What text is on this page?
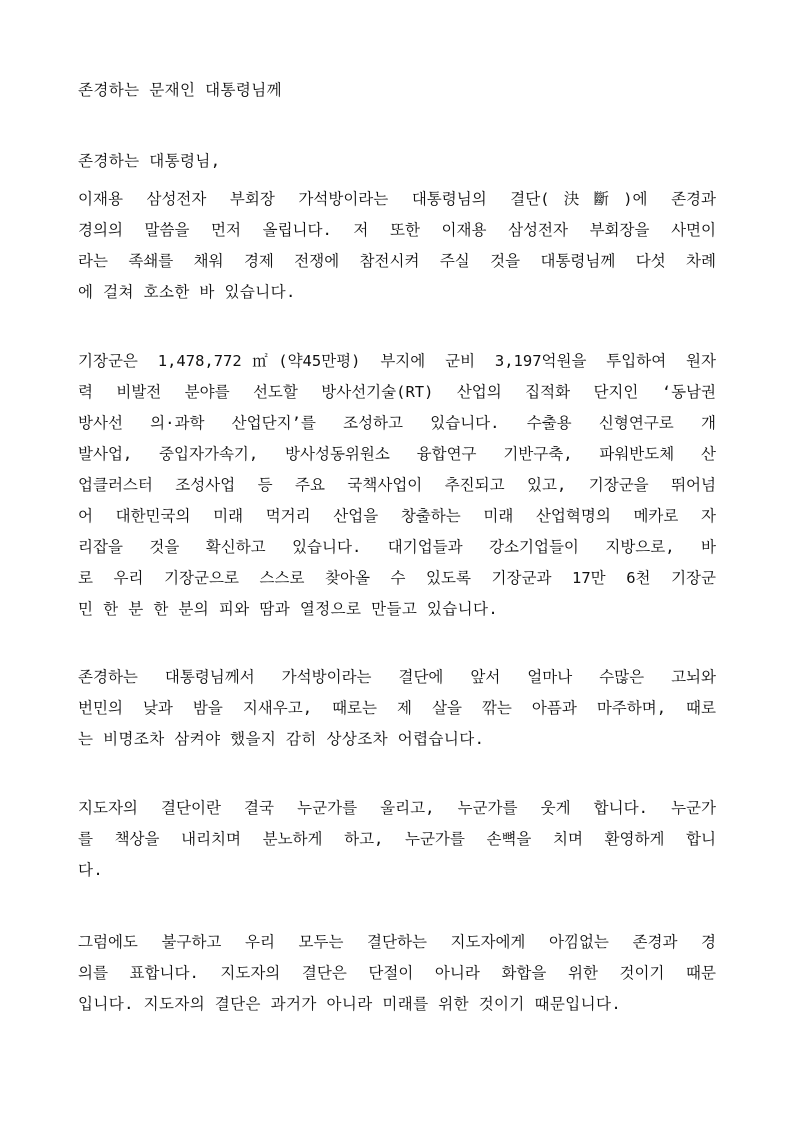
존경하는 문재인 대통령님께

존경하는 대통령님,

이재용 삼성전자 부회장 가석방이라는 대통령님의 결단(決斷)에 존경과

경의의 말씀을 먼저 올립니다. 저 또한 이재용 삼성전자 부회장을 사면이

라는 족쇄를 채워 경제 전쟁에 참전시켜 주실 것을 대통령님께 다섯 차례

에 걸쳐 호소한 바 있습니다.

기장군은 1,478,772㎡(약45만평) 부지에 군비 3,197억원을 투입하여 원자

력 비발전 분야를 선도할 방사선기술(RT) 산업의 집적화 단지인 ‘동남권

방사선 의·과학 산업단지’를 조성하고 있습니다. 수출용 신형연구로 개

발사업, 중입자가속기, 방사성동위원소 융합연구 기반구축, 파워반도체 산

업클러스터 조성사업 등 주요 국책사업이 추진되고 있고, 기장군을 뛰어넘

어 대한민국의 미래 먹거리 산업을 창출하는 미래 산업혁명의 메카로 자

리잡을 것을 확신하고 있습니다. 대기업들과 강소기업들이 지방으로, 바

로 우리 기장군으로 스스로 찾아올 수 있도록 기장군과 17만 6천 기장군

민 한 분 한 분의 피와 땀과 열정으로 만들고 있습니다.

존경하는 대통령님께서 가석방이라는 결단에 앞서 얼마나 수많은 고뇌와

번민의 낮과 밤을 지새우고, 때로는 제 살을 깎는 아픔과 마주하며, 때로

는 비명조차 삼켜야 했을지 감히 상상조차 어렵습니다.

지도자의 결단이란 결국 누군가를 울리고, 누군가를 웃게 합니다. 누군가

를 책상을 내리치며 분노하게 하고, 누군가를 손뼉을 치며 환영하게 합니

다.

그럼에도 불구하고 우리 모두는 결단하는 지도자에게 아낌없는 존경과 경

의를 표합니다. 지도자의 결단은 단절이 아니라 화합을 위한 것이기 때문

입니다. 지도자의 결단은 과거가 아니라 미래를 위한 것이기 때문입니다.
